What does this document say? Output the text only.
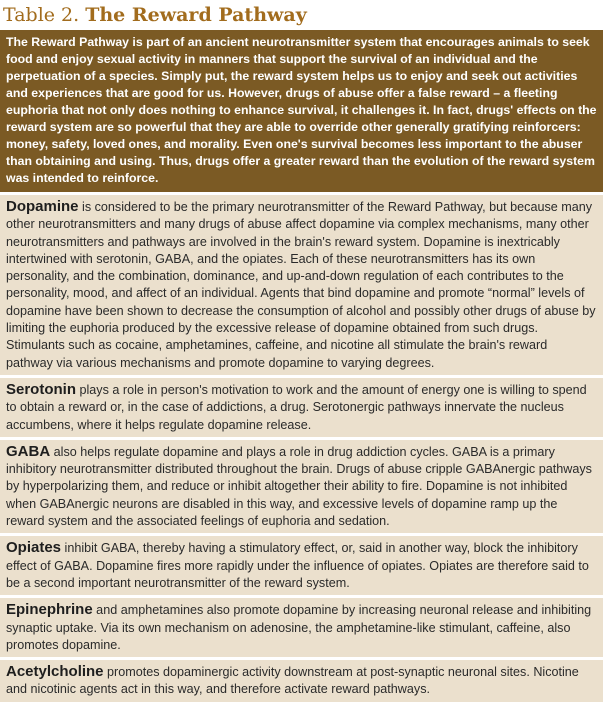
Table 2. The Reward Pathway
The Reward Pathway is part of an ancient neurotransmitter system that encourages animals to seek food and enjoy sexual activity in manners that support the survival of an individual and the perpetuation of a species. Simply put, the reward system helps us to enjoy and seek out activities and experiences that are good for us. However, drugs of abuse offer a false reward – a fleeting euphoria that not only does nothing to enhance survival, it challenges it. In fact, drugs' effects on the reward system are so powerful that they are able to override other generally gratifying reinforcers: money, safety, loved ones, and morality. Even one's survival becomes less important to the abuser than obtaining and using. Thus, drugs offer a greater reward than the evolution of the reward system was intended to reinforce.
Dopamine is considered to be the primary neurotransmitter of the Reward Pathway, but because many other neurotransmitters and many drugs of abuse affect dopamine via complex mechanisms, many other neurotransmitters and pathways are involved in the brain's reward system. Dopamine is inextricably intertwined with serotonin, GABA, and the opiates. Each of these neurotransmitters has its own personality, and the combination, dominance, and up-and-down regulation of each contributes to the personality, mood, and affect of an individual. Agents that bind dopamine and promote “normal” levels of dopamine have been shown to decrease the consumption of alcohol and possibly other drugs of abuse by limiting the euphoria produced by the excessive release of dopamine obtained from such drugs. Stimulants such as cocaine, amphetamines, caffeine, and nicotine all stimulate the brain's reward pathway via various mechanisms and promote dopamine to varying degrees.
Serotonin plays a role in person's motivation to work and the amount of energy one is willing to spend to obtain a reward or, in the case of addictions, a drug. Serotonergic pathways innervate the nucleus accumbens, where it helps regulate dopamine release.
GABA also helps regulate dopamine and plays a role in drug addiction cycles. GABA is a primary inhibitory neurotransmitter distributed throughout the brain. Drugs of abuse cripple GABAnergic pathways by hyperpolarizing them, and reduce or inhibit altogether their ability to fire. Dopamine is not inhibited when GABAnergic neurons are disabled in this way, and excessive levels of dopamine ramp up the reward system and the associated feelings of euphoria and sedation.
Opiates inhibit GABA, thereby having a stimulatory effect, or, said in another way, block the inhibitory effect of GABA. Dopamine fires more rapidly under the influence of opiates. Opiates are therefore said to be a second important neurotransmitter of the reward system.
Epinephrine and amphetamines also promote dopamine by increasing neuronal release and inhibiting synaptic uptake. Via its own mechanism on adenosine, the amphetamine-like stimulant, caffeine, also promotes dopamine.
Acetylcholine promotes dopaminergic activity downstream at post-synaptic neuronal sites. Nicotine and nicotinic agents act in this way, and therefore activate reward pathways.
